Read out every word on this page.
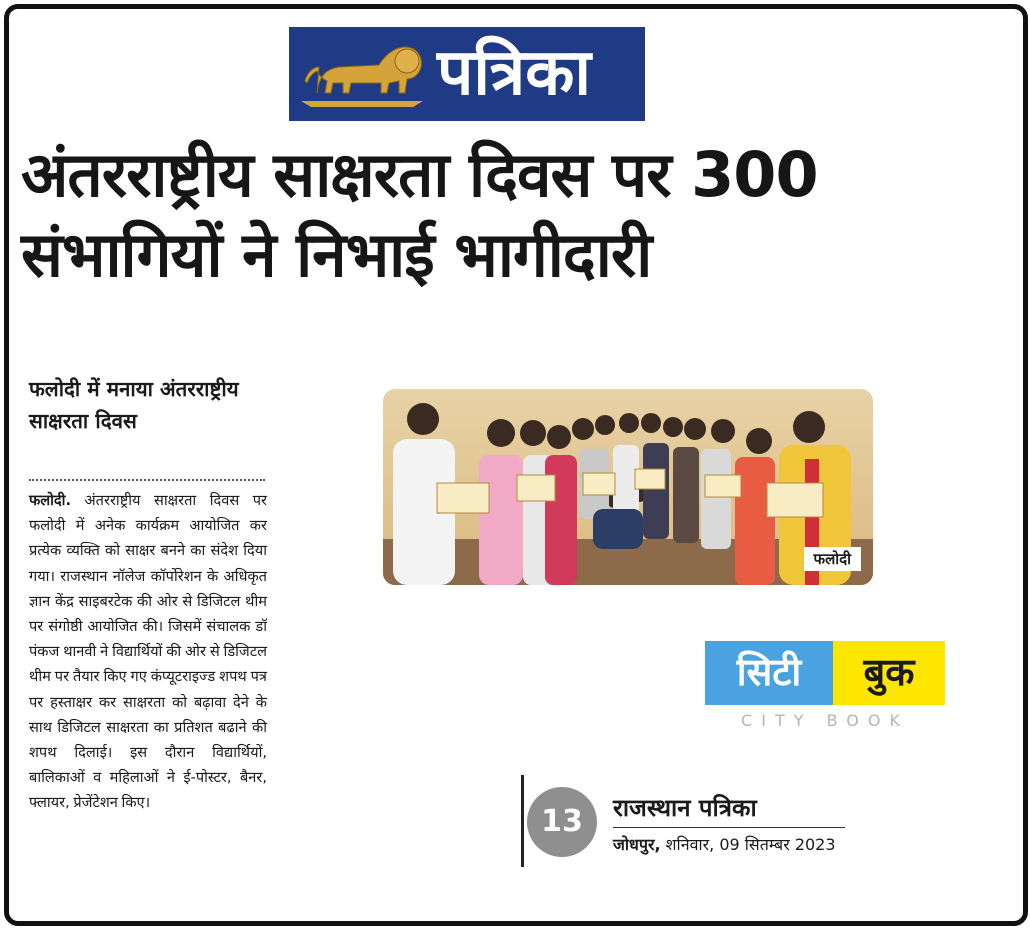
पत्रिका
अंतरराष्ट्रीय साक्षरता दिवस पर 300 संभागियों ने निभाई भागीदारी
फलोदी में मनाया अंतरराष्ट्रीय साक्षरता दिवस

फलोदी. अंतरराष्ट्रीय साक्षरता दिवस पर फलोदी में अनेक कार्यक्रम आयोजित कर प्रत्येक व्यक्ति को साक्षर बनने का संदेश दिया गया। राजस्थान नॉलेज कॉर्पोरेशन के अधिकृत ज्ञान केंद्र साइबरटेक की ओर से डिजिटल थीम पर संगोष्ठी आयोजित की। जिसमें संचालक डॉ पंकज थानवी ने विद्यार्थियों की ओर से डिजिटल थीम पर तैयार किए गए कंप्यूटराइज्ड शपथ पत्र पर हस्ताक्षर कर साक्षरता को बढ़ावा देने के साथ डिजिटल साक्षरता का प्रतिशत बढाने की शपथ दिलाई। इस दौरान विद्यार्थियों, बालिकाओं व महिलाओं ने ई-पोस्टर, बैनर, फ्लायर, प्रेजेंटेशन किए।

फलोदी
सिटी	बुक
CITY BOOK
13	राजस्थान पत्रिका
जोधपुर, शनिवार, 09 सितम्बर 2023
